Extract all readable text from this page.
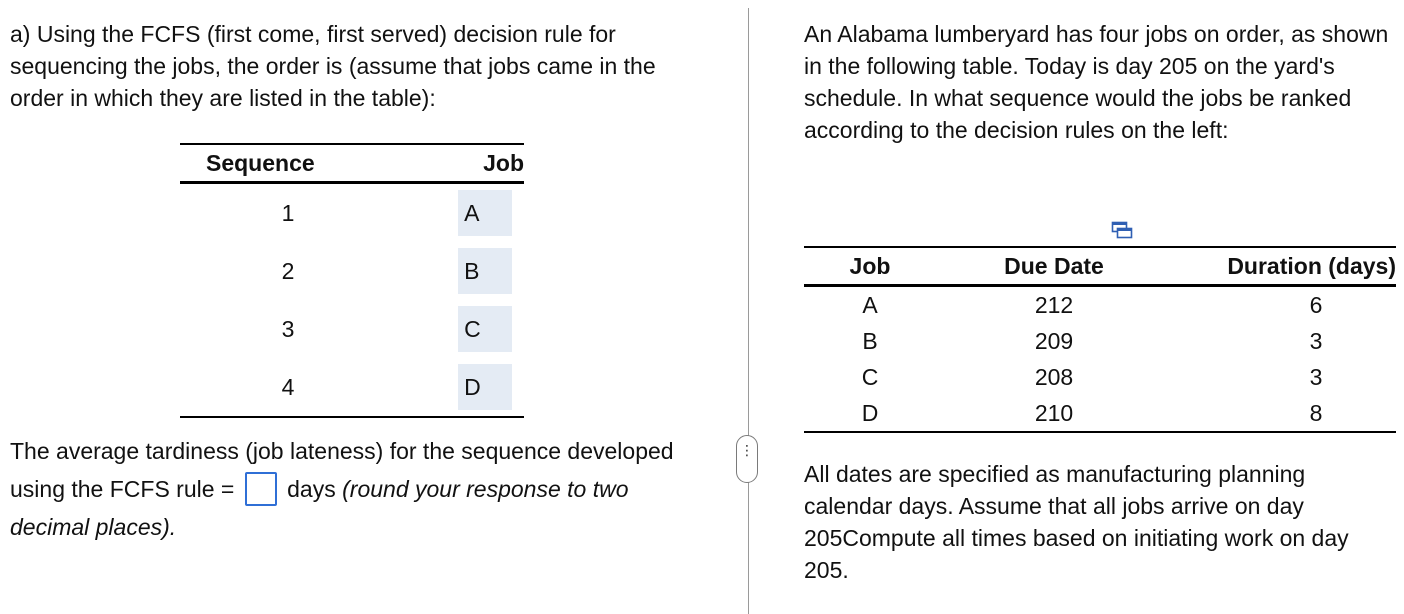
a) Using the FCFS (first come, first served) decision rule for sequencing the jobs, the order is (assume that jobs came in the order in which they are listed in the table):

Sequence	Job
1	A
2	B
3	C
4	D

The average tardiness (job lateness) for the sequence developed using the FCFS rule = days (round your response to two decimal places).

⋮

An Alabama lumberyard has four jobs on order, as shown in the following table. Today is day 205 on the yard's schedule. In what sequence would the jobs be ranked according to the decision rules on the left:

Job	Due Date	Duration (days)
A	212	6
B	209	3
C	208	3
D	210	8

All dates are specified as manufacturing planning calendar days. Assume that all jobs arrive on day 205Compute all times based on initiating work on day 205.
